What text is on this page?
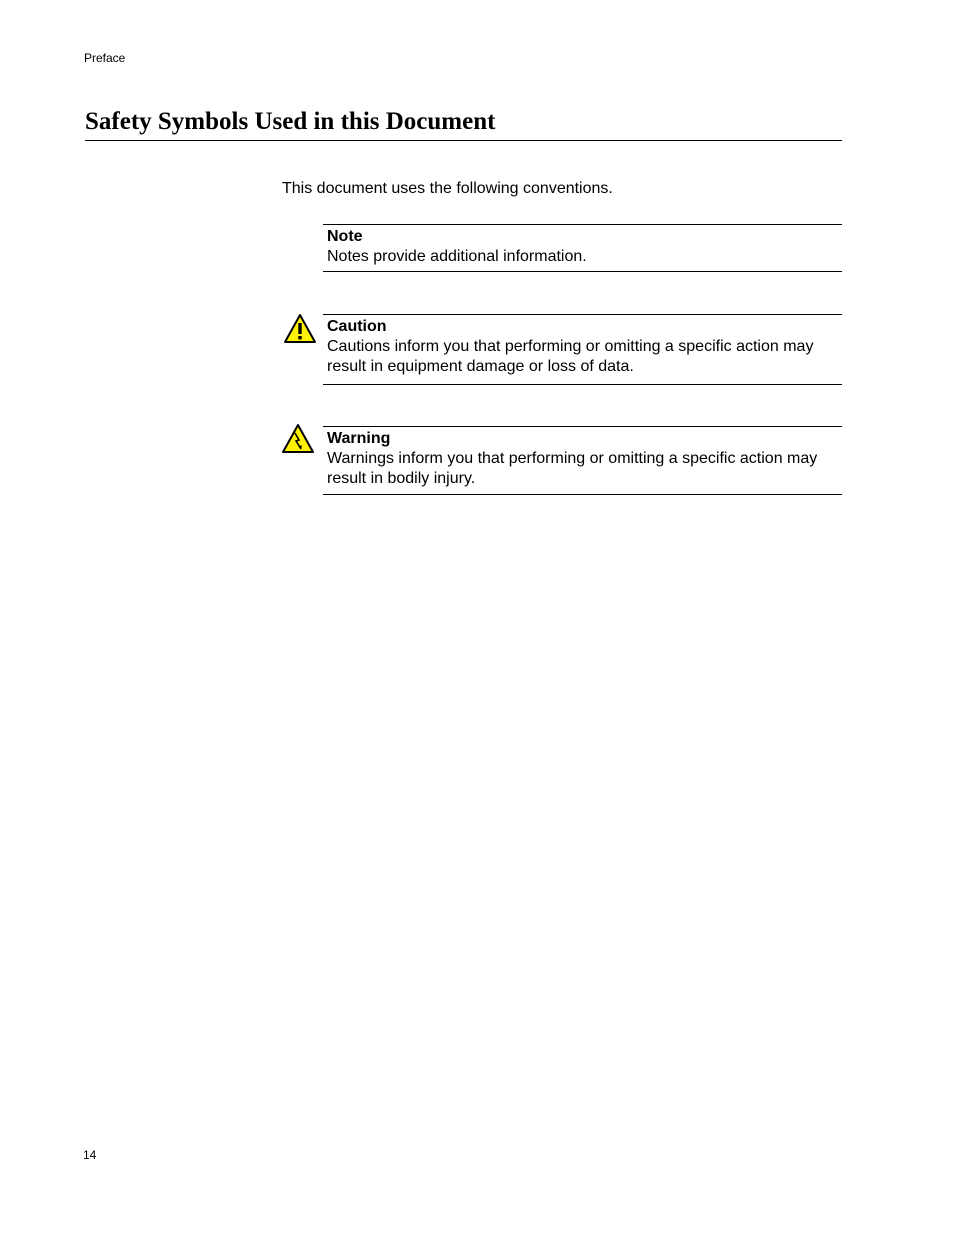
Preface
Safety Symbols Used in this Document

This document uses the following conventions.

Note

Notes provide additional information.

Caution

Cautions inform you that performing or omitting a specific action may result in equipment damage or loss of data.

Warning

Warnings inform you that performing or omitting a specific action may result in bodily injury.

14
